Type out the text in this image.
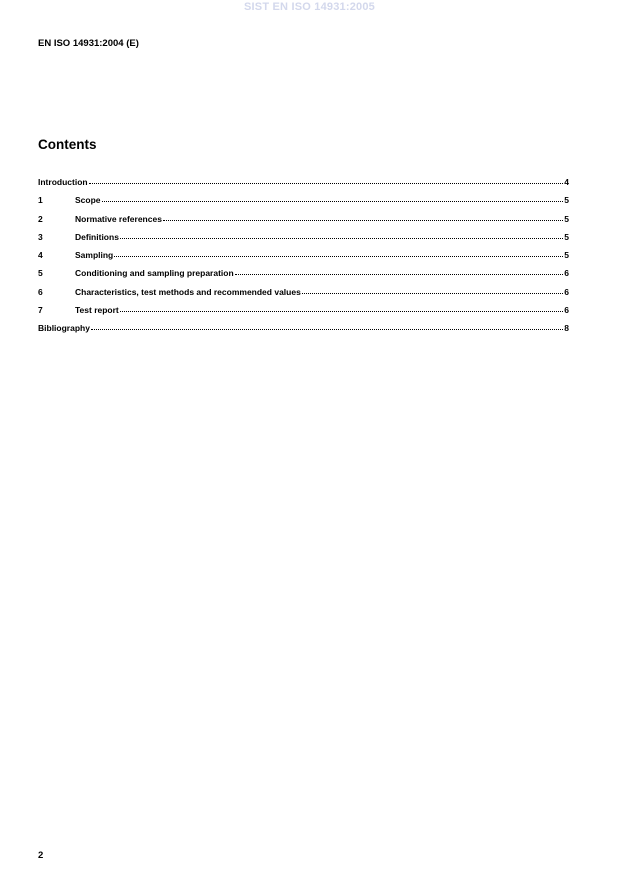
SIST EN ISO 14931:2005
EN ISO 14931:2004 (E)
Contents
Introduction	4
1	Scope	5
2	Normative references	5
3	Definitions	5
4	Sampling	5
5	Conditioning and sampling preparation	6
6	Characteristics, test methods and recommended values	6
7	Test report	6
Bibliography	8
2
